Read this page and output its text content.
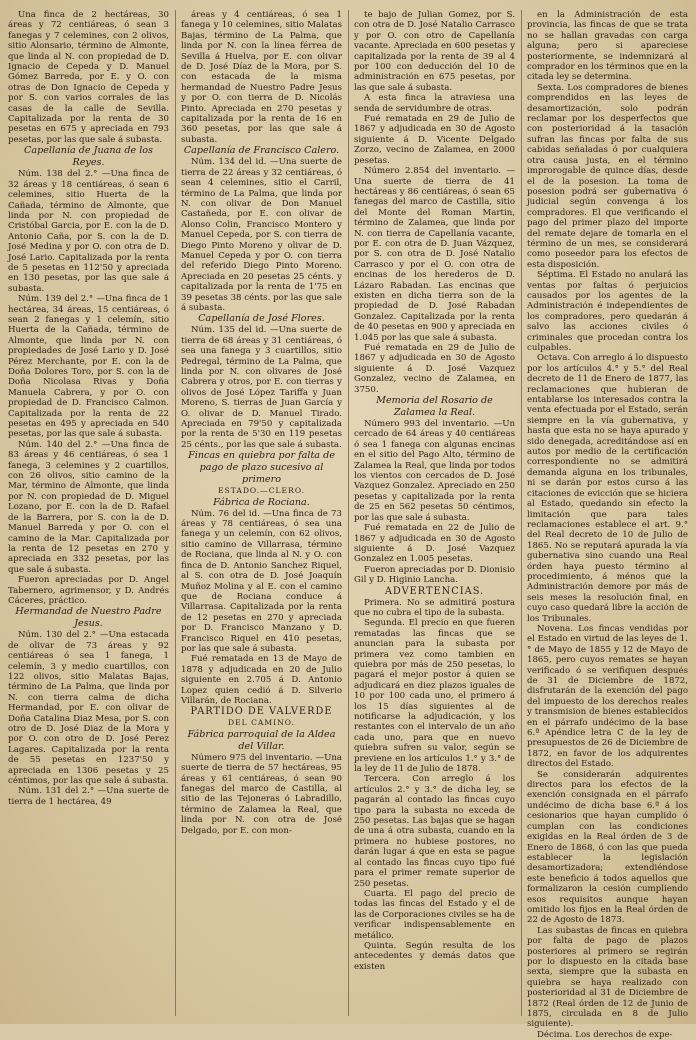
Una finca de 2 hectáreas, 30 áreas y 72 centiáreas, ó sean 3 fanegas y 7 celemines, con 2 olivos, sitio Alonsario, término de Almonte, que linda al N. con propiedad de D. Ignacio de Cepeda y D. Manuel Gómez Barreda, por E. y O. con otras de Don Ignacio de Cepeda y por S. con varios corrales de las casas de la calle de Sevilla. Capitalizada por la renta de 30 pesetas en 675 y apreciada en 793 pesetas, por las que sale á subasta.

Capellanía de Juana de los Reyes.

Núm. 138 del 2.° —Una finca de 32 áreas y 18 centiáreas, ó sean 6 celemines, sitio Huerta de la Cañada, término de Almonte, que linda por N. con propiedad de Cristóbal Garcia, por E. con la de D. Antonio Caña, por S. con la de D. José Medina y por O. con otra de D. José Lario. Capitalizada por la renta de 5 pesetas en 112'50 y apreciada en 130 pesetas, por las que sale á subasta.

Núm. 139 del 2.° —Una finca de 1 hectárea, 34 áreas, 15 centiáreas, ó sean 2 fanegas y 1 celemín, sitio Huerta de la Cañada, término de Almonte, que linda por N. con propiedades de José Lario y D. José Pérez Merchante, por E. con la de Doña Dolores Toro, por S. con la de Doña Nicolasa Rivas y Doña Manuela Cabrera, y por O. con propiedad de D. Francisco Calmon. Capitalizada por la renta de 22 pesetas en 495 y apreciada en 540 pesetas, por las que sale á subasta.

Núm. 140 del 2.° —Una finca de 83 áreas y 46 centiáreas, ó sea 1 fanega, 3 celemines y 2 cuartillos, con 26 olivos, sitio camino de la Mar, término de Almonte, que linda por N. con propiedad de D. Miguel Lozano, por E. con la de D. Rafael de la Barrera, por S. con la de D. Manuel Barreda y por O. con el camino de la Mar. Capitalizada por la renta de 12 pesetas en 270 y apreciada en 332 pesetas, por las que sale á subasta.

Fueron apreciadas por D. Angel Tabernero, agrimensor, y D. Andrés Cáceres, práctico.

Hermandad de Nuestro Padre Jesus.

Núm. 130 del 2.° —Una estacada de olivar de 73 áreas y 92 centiáreas ó sea 1 fanega, 1 celemín, 3 y medio cuartillos, con 122 olivos, sitio Malatas Bajas, término de La Palma, que linda por N. con tierra calma de dicha Hermandad, por E. con olivar de Doña Catalina Diaz Mesa, por S. con otro de D. José Diaz de la Mora y por O. con otro de D. José Perez Lagares. Capitalizada por la renta de 55 pesetas en 1237'50 y apreciada en 1306 pesetas y 25 céntimos, por las que sale á subasta.

Núm. 131 del 2.° —Una suerte de tierra de 1 hectárea, 49

áreas y 4 centiáreas, ó sea 1 fanega y 10 celemines, sitio Malatas Bajas, término de La Palma, que linda por N. con la línea férrea de Sevilla á Huelva, por E. con olivar de D. José Díaz de la Mora, por S. con estacada de la misma hermandad de Nuestro Padre Jesus y por O. con tierra de D. Nicolás Pinto. Apreciada en 270 pesetas y capitalizada por la renta de 16 en 360 pesetas, por las que sale á subasta.

Capellanía de Francisco Calero.

Núm. 134 del id. —Una suerte de tierra de 22 áreas y 32 centiáreas, ó sean 4 celemines, sitio el Carril, término de La Palma, que linda por N. con olivar de Don Manuel Castañeda, por E. con olivar de Alonso Colin, Francisco Montero y Manuel Cepeda, por S. con tierra de Diego Pinto Moreno y olivar de D. Manuel Cepeda y por O. con tierra del referido Diego Pinto Moreno. Apreciada en 20 pesetas 25 cénts. y capitalizada por la renta de 1'75 en 39 pesetas 38 cénts. por las que sale á subasta.

Capellanía de José Flores.

Núm. 135 del id. —Una suerte de tierra de 68 áreas y 31 centiáreas, ó sea una fanega y 3 cuartillos, sitio Pedregal, término de La Palma, que linda por N. con olivares de José Cabrera y otros, por E. con tierras y olivos de José López Tariffa y Juan Moreno, S. tierras de Juan García y O. olivar de D. Manuel Tirado. Apreciada en 79'50 y capitalizada por la renta de 5'30 en 119 pesetas 25 cénts., por las que sale á subasta.

Fincas en quiebra por falta de pago de plazo sucesivo al primero

ESTADO.—CLERO.

Fábrica de Rociana.

Núm. 76 del id. —Una finca de 73 áreas y 78 centiáreas, ó sea una fanega y un celemín, con 62 olivos, sitio camino de Villarrasa, término de Rociana, que linda al N. y O. con finca de D. Antonio Sanchez Riquel, al S. con otra de D. José Joaquín Muñoz Molina y al E. con el camino que de Rociana conduce á Villarrasa. Capitalizada por la renta de 12 pesetas en 270 y apreciada por D. Francisco Manzano y D. Francisco Riquel en 410 pesetas, por las que sale á subasta.

Fué rematada en 13 de Mayo de 1878 y adjudicada en 20 de Julio siguiente en 2.705 á D. Antonio Lopez quien cedió á D. Silverio Villarán, de Rociana.

PARTIDO DE VALVERDE

DEL CAMINO.

Fábrica parroquial de la Aldea del Villar.

Número 975 del inventario. —Una suerte de tierra de 57 hectáreas, 95 áreas y 61 centiáreas, ó sean 90 fanegas del marco de Castilla, al sitio de las Tejoneras ó Labradillo, término de Zalamea la Real, que linda por N. con otra de José Delgado, por E. con mon-

te bajo de Julian Gomez, por S. con otra de D. José Natalio Carrasco y por O. con otro de Capellanía vacante. Apreciada en 600 pesetas y capitalizada por la renta de 39 al 4 por 100 con deducción del 10 de administración en 675 pesetas, por las que sale á subasta.

A esta finca la atraviesa una senda de servidumbre de otras.

Fué rematada en 29 de Julio de 1867 y adjudicada en 30 de Agosto siguiente á D. Vicente Delgado Zorzo, vecino de Zalamea, en 2000 pesetas.

Número 2.854 del inventario. —Una suerte de tierra de 41 hectáreas y 86 centiáreas, ó sean 65 fanegas del marco de Castilla, sitio del Monte del Roman Martin, término de Zalamea, que linda por N. con tierra de Capellanía vacante, por E. con otra de D. Juan Vázquez, por S. con otra de D. José Natalio Carrasco y por el O. con otra de encinas de los herederos de D. Lázaro Rabadan. Las encinas que existen en dicha tierra son de la propiedad de D. José Rabadan Gonzalez. Capitalizada por la renta de 40 pesetas en 900 y apreciada en 1.045 por las que sale á subasta.

Fué rematada en 29 de Julio de 1867 y adjudicada en 30 de Agosto siguiente á D. José Vazquez Gonzalez, vecino de Zalamea, en 3750.

Memoria del Rosario de Zalamea la Real.

Número 993 del inventario. —Un cercado de 64 áreas y 40 centiáreas ó sea 1 fanega con algunas encinas en el sitio del Pago Alto, término de Zalamea la Real, que linda por todos los vientos con cercados de D. José Vazquez Gonzalez. Apreciado en 250 pesetas y capitalizada por la renta de 25 en 562 pesetas 50 céntimos, por las que sale á subasta.

Fué rematada en 22 de Julio de 1867 y adjudicada en 30 de Agosto siguiente á D. José Vazquez Gonzalez en 1.005 pesetas.

Fueron apreciadas por D. Dionisio Gil y D. Higinio Lancha.

ADVERTENCIAS.

Primera. No se admitirá postura que no cubra el tipo de la subasta.

Segunda. El precio en que fueren rematadas las fincas que se anuncian para la subasta por primera vez como tambien en quiebra por más de 250 pesetas, lo pagará el mejor postor á quien se adjudicará en diez plazos iguales de 10 por 100 cada uno, el primero á los 15 días siguientes al de notificarse la adjudicación, y los restantes con el intervalo de un año cada uno, para que en nuevo quiebra sufren su valor, según se previene en los artículos 1.° y 3.° de la ley de 11 de Julio de 1878.

Tercera. Con arreglo á los artículos 2.° y 3.° de dicha ley, se pagarán al contado las fincas cuyo tipo para la subasta no exceda de 250 pesetas. Las bajas que se hagan de una á otra subasta, cuando en la primera no hubiese postores, no darán lugar á que en esta se pague al contado las fincas cuyo tipo fué para el primer remate superior de 250 pesetas.

Cuarta. El pago del precio de todas las fincas del Estado y el de las de Corporaciones civiles se ha de verificar indispensablemente en metálico.

Quinta. Según resulta de los antecedentes y demás datos que existen

en la Administración de esta provincia, las fincas de que se trata no se hallan gravadas con carga alguna; pero si apareciese posteriormente, se indemnizará al comprador en los términos que en la citada ley se determina.

Sexta. Los compradores de bienes comprendidos en las leyes de desamortización, solo podrán reclamar por los desperfectos que con posterioridad á la tasación sufran las fincas por falta de sus cabidas señaladas ó por cualquiera otra causa justa, en el término improrogable de quince días, desde el de la posesion. La toma de posesion podrá ser gubernativa ó judicial según convenga á los compradores. El que verificando el pago del primer plazo del importe del remate dejare de tomarla en el término de un mes, se considerará como poseedor para los efectos de esta disposición.

Séptima. El Estado no anulará las ventas por faltas ó perjuicios causados por los agentes de la Administración é independientes de los compradores, pero quedarán á salvo las acciones civiles ó criminales que procedan contra los culpables.

Octava. Con arreglo á lo dispuesto por los artículos 4.° y 5.° del Real decreto de 11 de Enero de 1877, las reclamaciones que hubieran de entablarse los interesados contra la venta efectuada por el Estado, serán siempre en la vía gubernativa, y hasta que esta no se haya apurado y sido denegada, acreditándose así en autos por medio de la certificación correspondiente no se admitirá demanda alguna en los tribunales, ni se darán por estos curso á las citaciones de evicción que se hiciera al Estado, quedando sin efecto la limitación que para tales reclamaciones establece el art. 9.° del Real decreto de 10 de Julio de 1865. No se reputará apurada la vía gubernativa sino cuando una Real órden haya puesto término al procedimiento, á ménos que la Administración demore por más de seis meses la resolución final, en cuyo caso quedará libre la acción de los Tribunales.

Novena. Los fincas vendidas por el Estado en virtud de las leyes de 1.° de Mayo de 1855 y 12 de Mayo de 1865, pero cuyos remates se hayan verificado ó se verifiquen después de 31 de Diciembre de 1872, disfrutarán de la exención del pago del impuesto de los derechos reales y transmision de bienes establecidos en el párrafo undécimo de la base 6.ª Apéndice letra C de la ley de presupuestos de 26 de Diciembre de 1872, en favor de los adquirentes directos del Estado.

Se considerarán adquirentes directos para los efectos de la exención consignada en el párrafo undécimo de dicha base 6.ª á los cesionarios que hayan cumplido ó cumplan con las condiciones exigidas en la Real órden de 3 de Enero de 1868, ó con las que pueda establecer la legislación desamortizadora; extendiéndose este beneficio á todos aquellos que formalizaron la cesión cumpliendo esos requisitos aunque hayan omitido los fijos en la Real órden de 22 de Agosto de 1873.

Las subastas de fincas en quiebra por falta de pago de plazos posteriores al primero se regirán por lo dispuesto en la citada base sexta, siempre que la subasta en quiebra se haya realizado con posterioridad al 31 de Diciembre de 1872 (Real órden de 12 de Junio de 1875, circulada en 8 de Julio siguiente).

Décima. Los derechos de expe-
